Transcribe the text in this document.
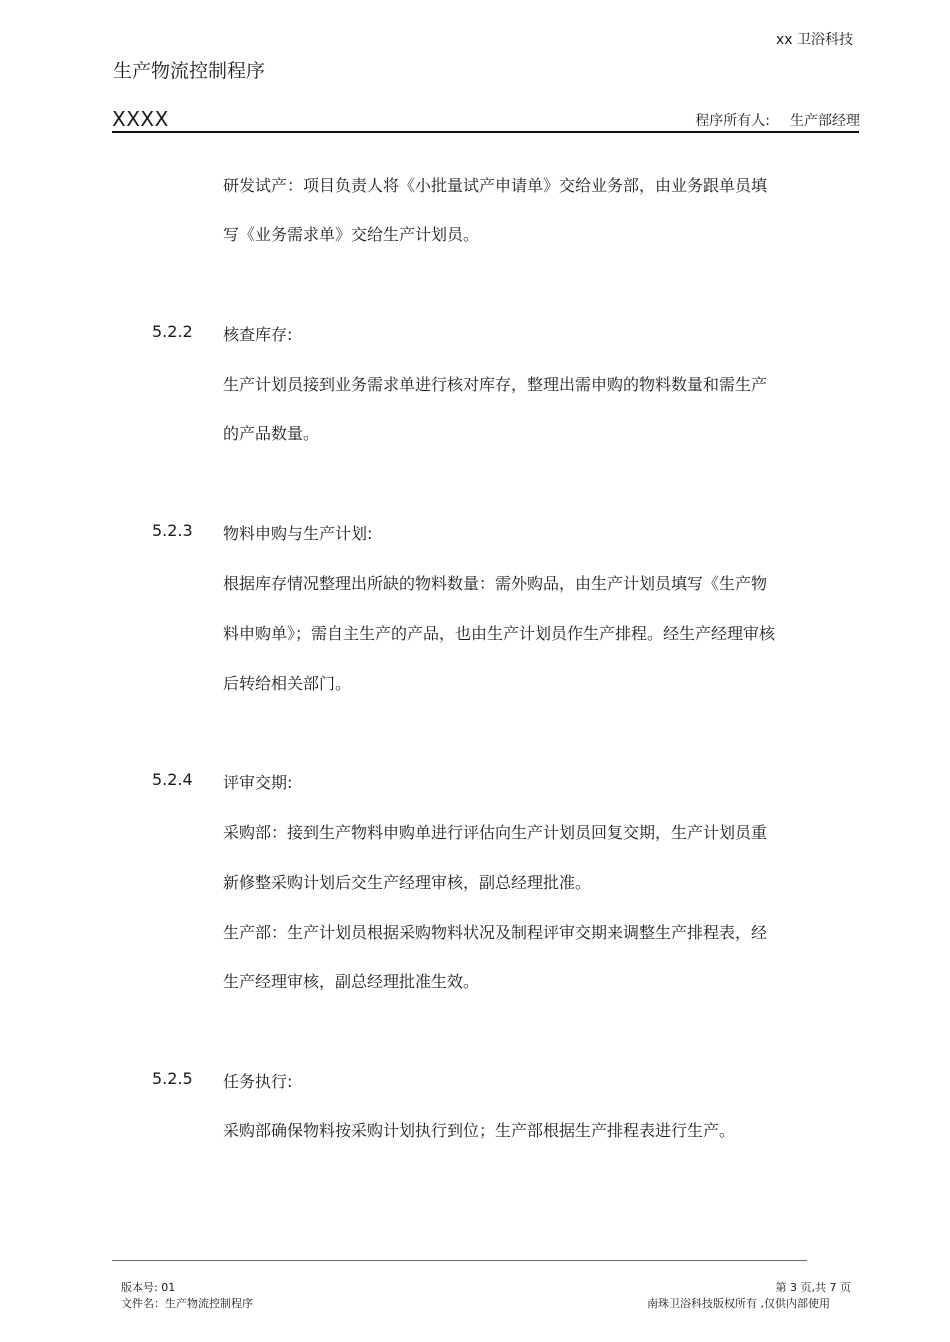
xx 卫浴科技
生产物流控制程序
XXXX	程序所有人: 生产部经理
研发试产：项目负责人将《小批量试产申请单》交给业务部，由业务跟单员填
写《业务需求单》交给生产计划员。
5.2.2 核查库存:
生产计划员接到业务需求单进行核对库存，整理出需申购的物料数量和需生产
的产品数量。
5.2.3 物料申购与生产计划:
根据库存情况整理出所缺的物料数量：需外购品，由生产计划员填写《生产物
料申购单》；需自主生产的产品，也由生产计划员作生产排程。经生产经理审核
后转给相关部门。
5.2.4 评审交期:
采购部：接到生产物料申购单进行评估向生产计划员回复交期，生产计划员重
新修整采购计划后交生产经理审核，副总经理批准。
生产部：生产计划员根据采购物料状况及制程评审交期来调整生产排程表，经
生产经理审核，副总经理批准生效。
5.2.5 任务执行:
采购部确保物料按采购计划执行到位；生产部根据生产排程表进行生产。
版本号: 01
文件名：生产物流控制程序
第 3 页,共 7 页
南珠卫浴科技版权所有 ,仅供内部使用
